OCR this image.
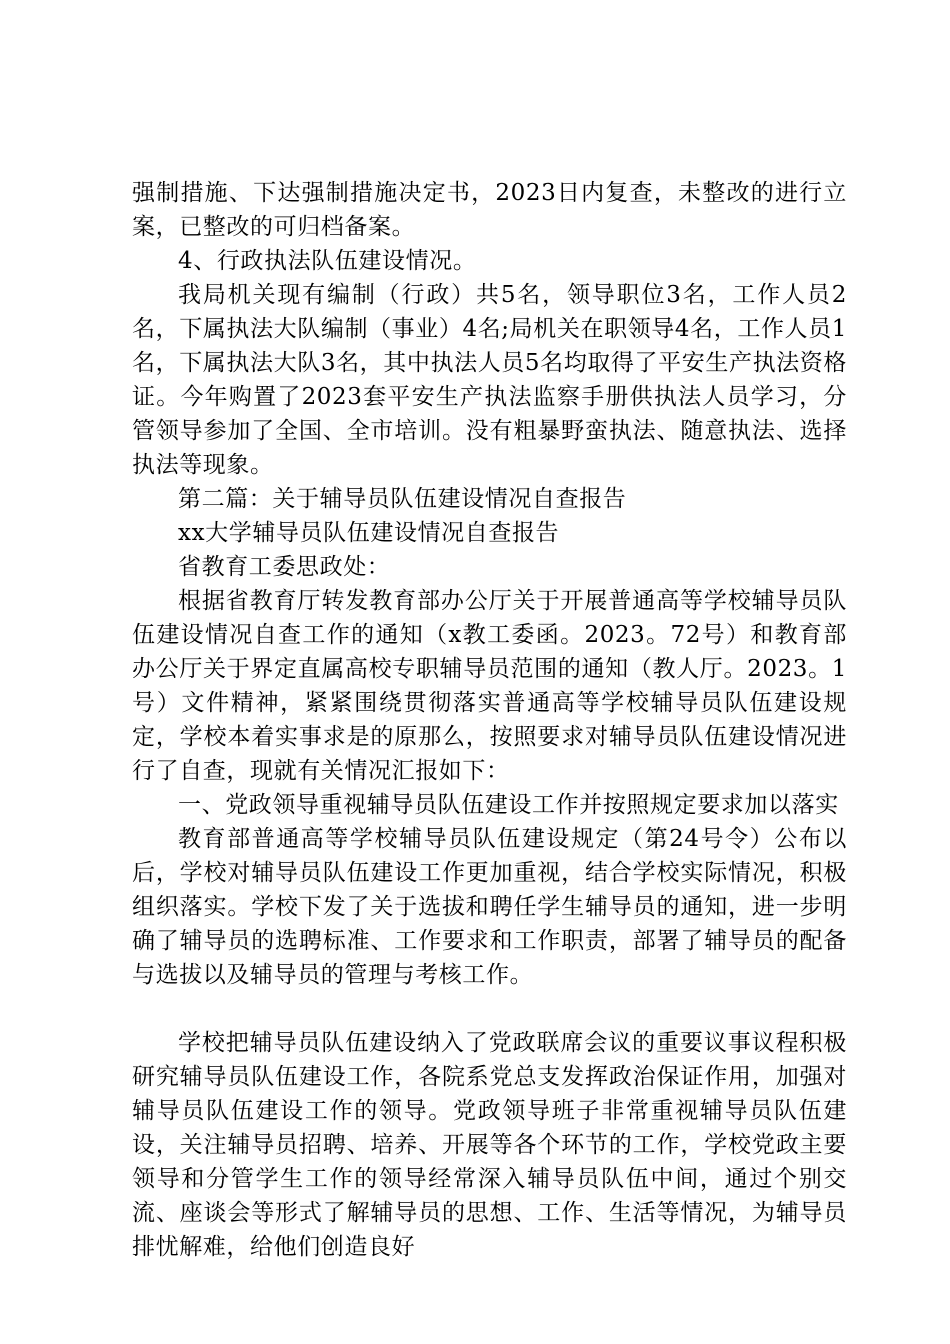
强制措施、下达强制措施决定书，2023日内复查，未整改的进行立案，已整改的可归档备案。

4、行政执法队伍建设情况。

我局机关现有编制（行政）共5名，领导职位3名，工作人员2名，下属执法大队编制（事业）4名;局机关在职领导4名，工作人员1名，下属执法大队3名，其中执法人员5名均取得了平安生产执法资格证。今年购置了2023套平安生产执法监察手册供执法人员学习，分管领导参加了全国、全市培训。没有粗暴野蛮执法、随意执法、选择执法等现象。

第二篇：关于辅导员队伍建设情况自查报告

xx大学辅导员队伍建设情况自查报告

省教育工委思政处：

根据省教育厅转发教育部办公厅关于开展普通高等学校辅导员队伍建设情况自查工作的通知（x教工委函。2023。72号）和教育部办公厅关于界定直属高校专职辅导员范围的通知（教人厅。2023。1号）文件精神，紧紧围绕贯彻落实普通高等学校辅导员队伍建设规定，学校本着实事求是的原那么，按照要求对辅导员队伍建设情况进行了自查，现就有关情况汇报如下：

一、党政领导重视辅导员队伍建设工作并按照规定要求加以落实

教育部普通高等学校辅导员队伍建设规定（第24号令）公布以后，学校对辅导员队伍建设工作更加重视，结合学校实际情况，积极组织落实。学校下发了关于选拔和聘任学生辅导员的通知，进一步明确了辅导员的选聘标准、工作要求和工作职责，部署了辅导员的配备与选拔以及辅导员的管理与考核工作。

学校把辅导员队伍建设纳入了党政联席会议的重要议事议程积极研究辅导员队伍建设工作，各院系党总支发挥政治保证作用，加强对辅导员队伍建设工作的领导。党政领导班子非常重视辅导员队伍建设，关注辅导员招聘、培养、开展等各个环节的工作，学校党政主要领导和分管学生工作的领导经常深入辅导员队伍中间，通过个别交流、座谈会等形式了解辅导员的思想、工作、生活等情况，为辅导员排忧解难，给他们创造良好
